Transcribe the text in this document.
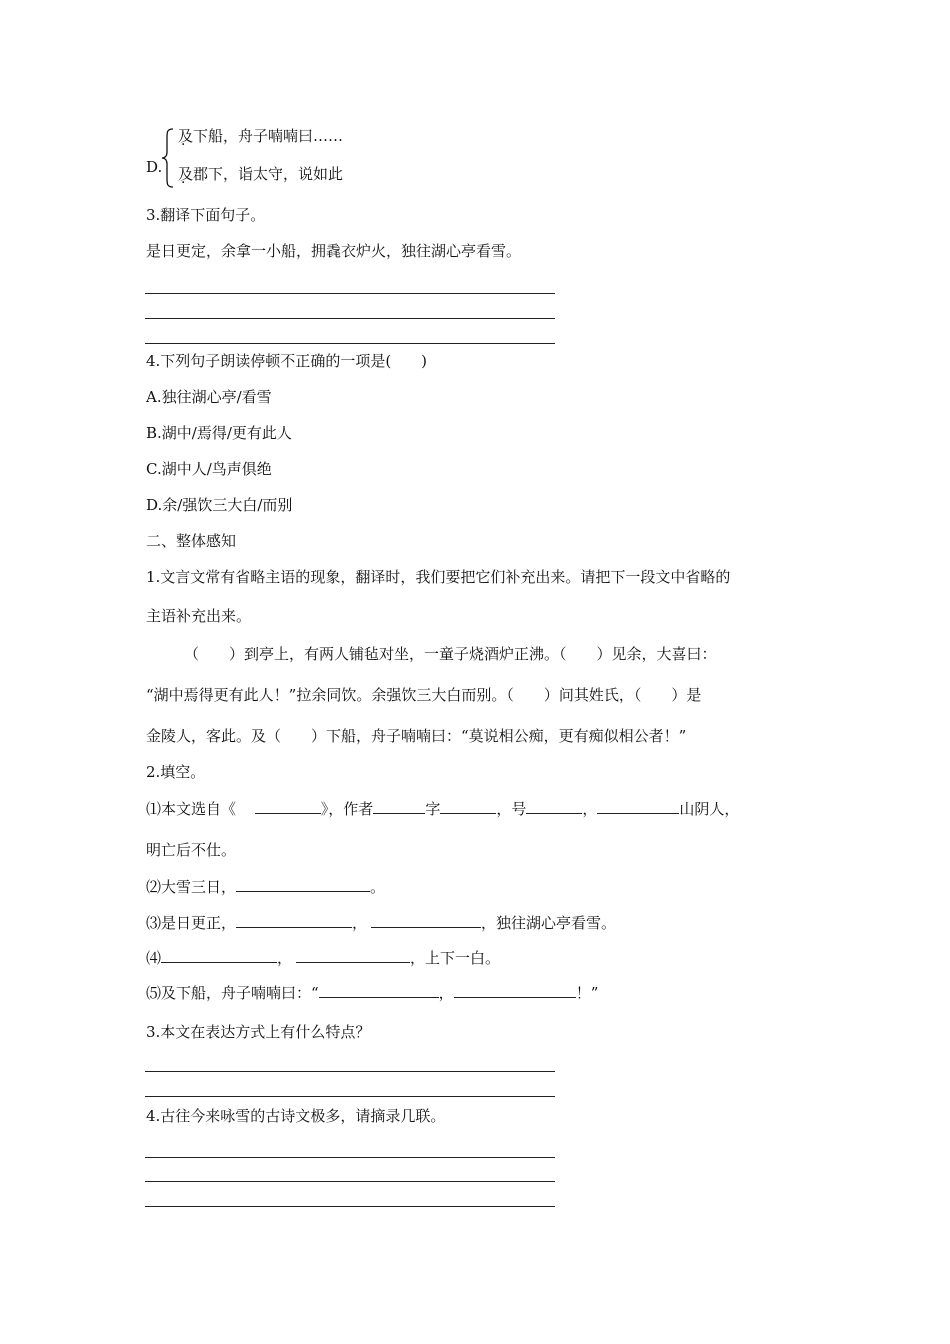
D.
及下船，舟子喃喃曰……
及郡下，诣太守，说如此
3.翻译下面句子。
是日更定，余拿一小船，拥毳衣炉火，独往湖心亭看雪。
4.下列句子朗读停顿不正确的一项是(　　)
A.独往湖心亭/看雪
B.湖中/焉得/更有此人
C.湖中人/鸟声俱绝
D.余/强饮三大白/而别
二、整体感知
1.文言文常有省略主语的现象，翻译时，我们要把它们补充出来。请把下一段文中省略的
主语补充出来。
（　　）到亭上，有两人铺毡对坐，一童子烧酒炉正沸。（　　）见余，大喜曰：
“湖中焉得更有此人！”拉余同饮。余强饮三大白而别。（　　）问其姓氏，（　　）是
金陵人，客此。及（　　）下船，舟子喃喃曰：“莫说相公痴，更有痴似相公者！”
2.填空。
⑴本文选自《	》，作者	字	，号	，	山阴人，
明亡后不仕。
⑵大雪三日，	。
⑶是日更正，	，	，独往湖心亭看雪。
⑷	，	，上下一白。
⑸及下船，舟子喃喃曰：“	，	！”
3.本文在表达方式上有什么特点？
4.古往今来咏雪的古诗文极多，请摘录几联。
